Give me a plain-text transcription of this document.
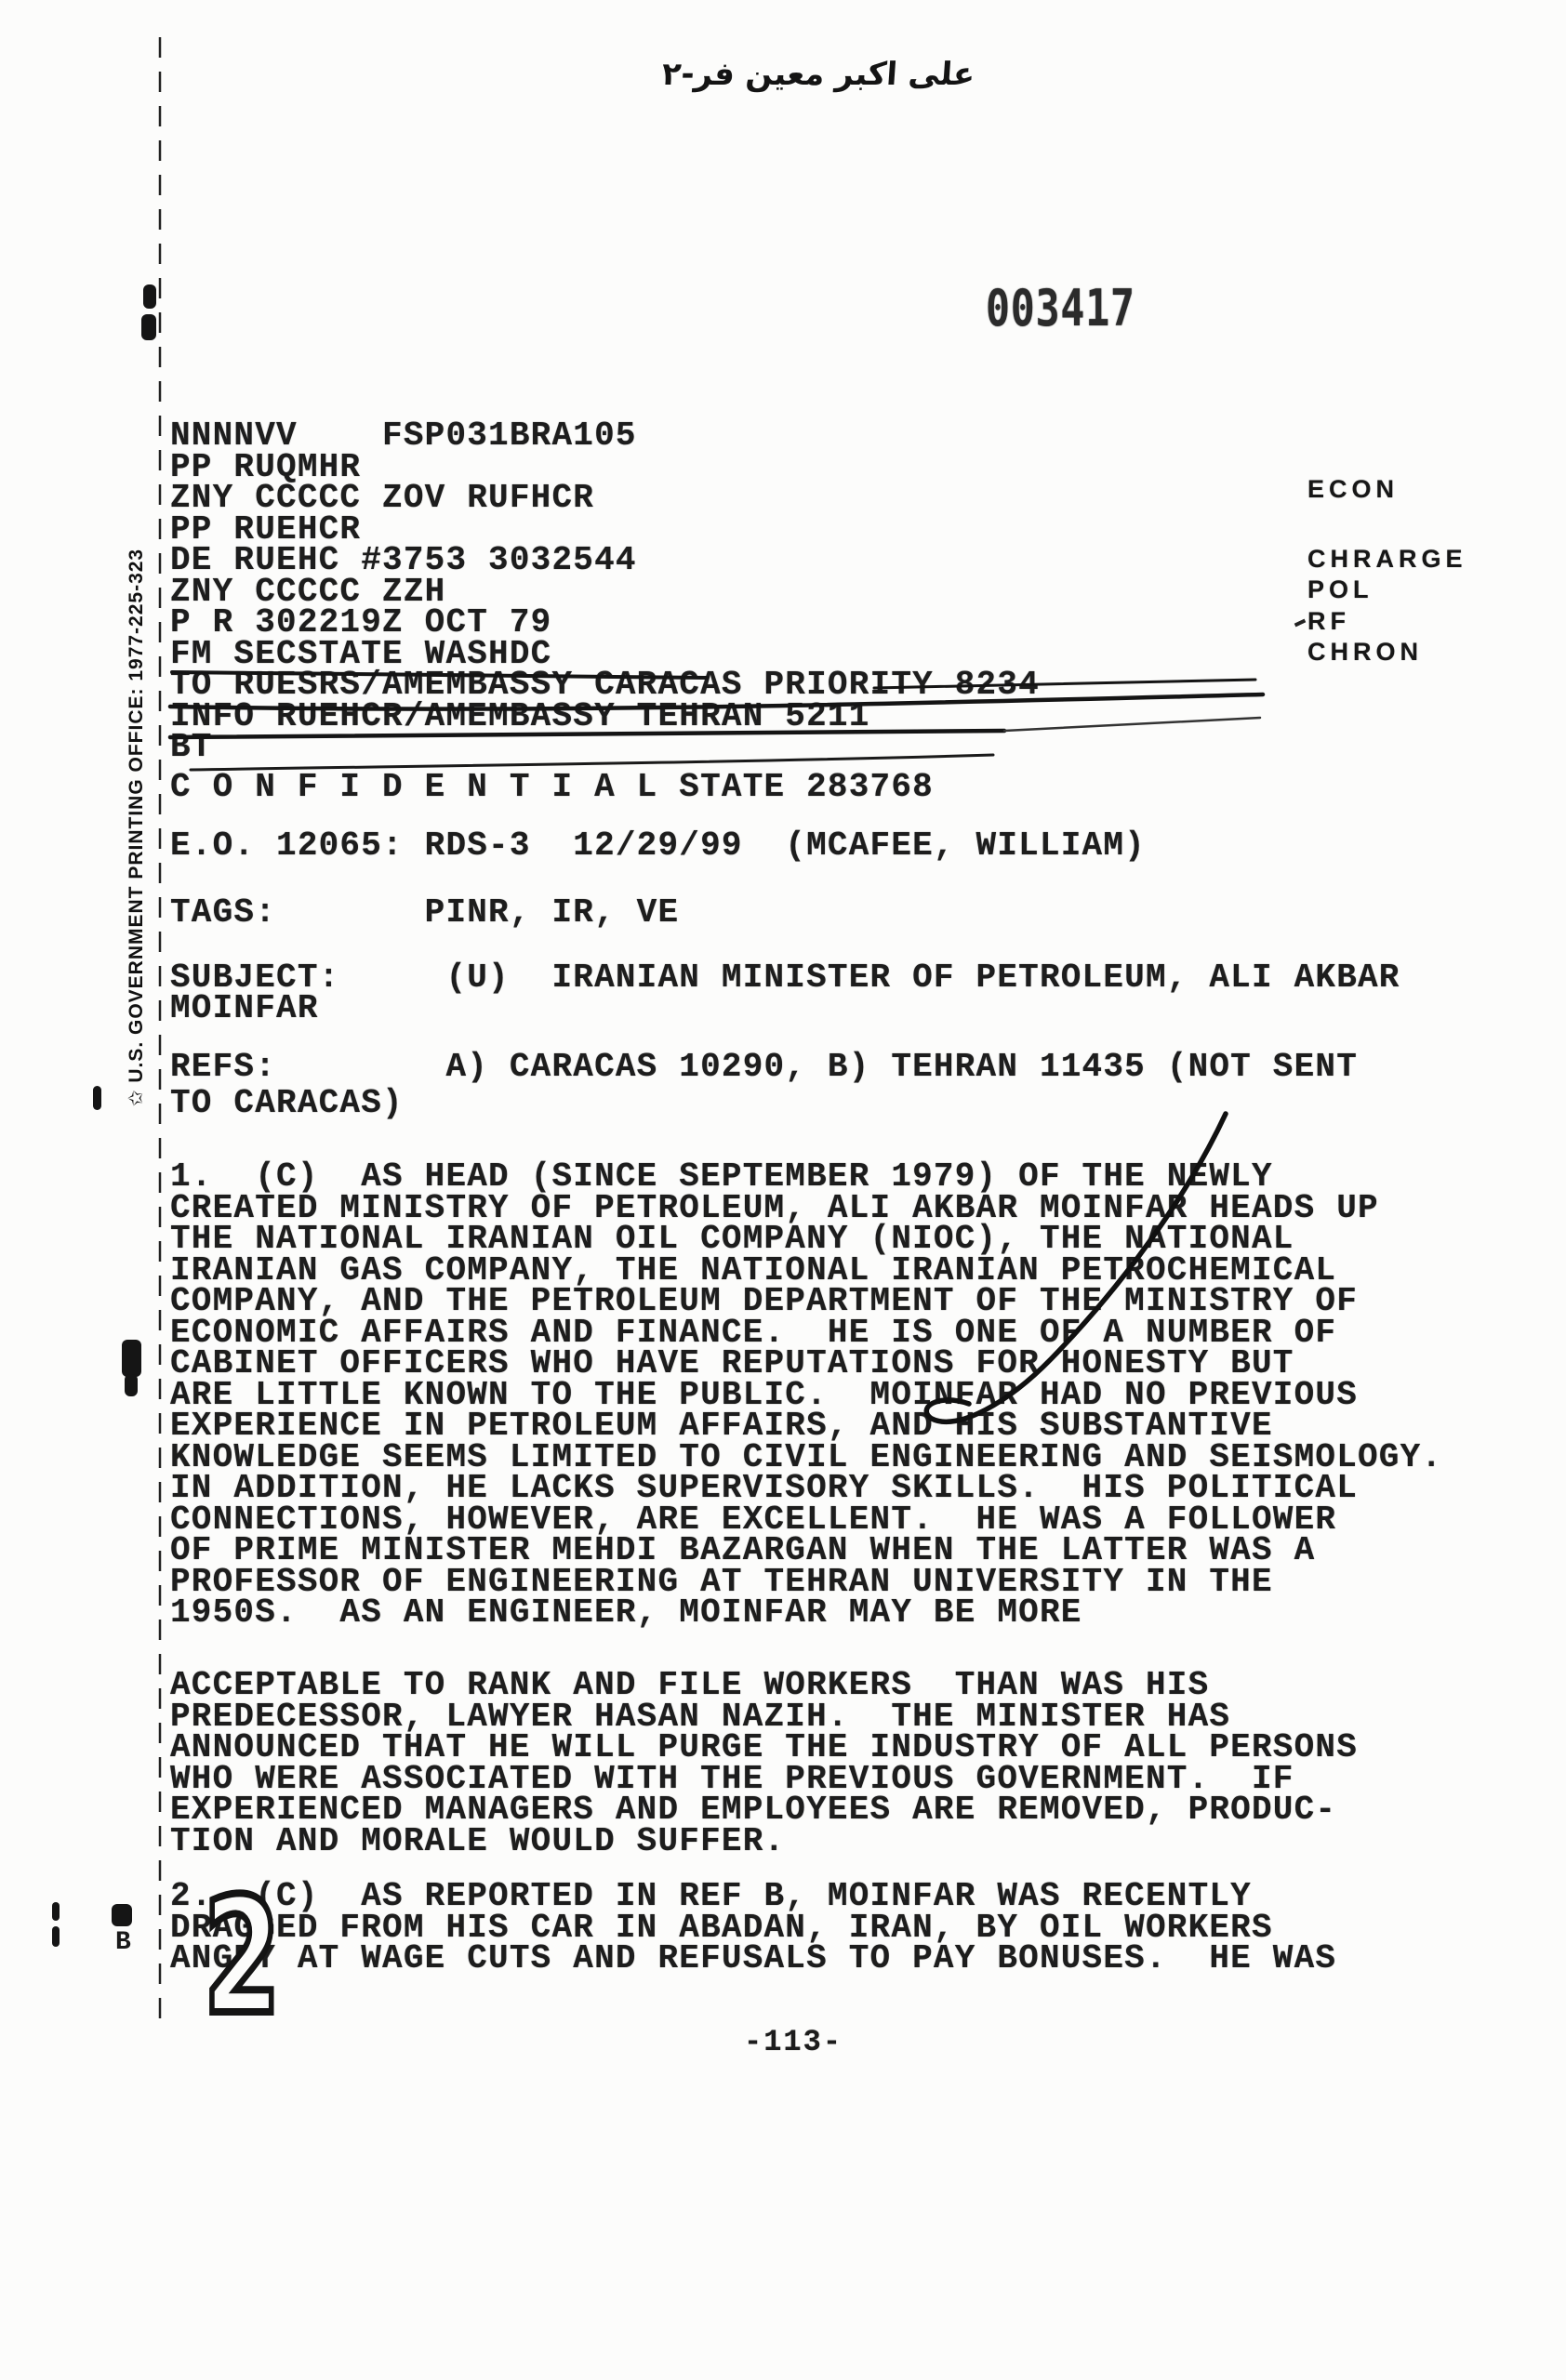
علی اکبر معین فر-۲
003417
✩ U.S. GOVERNMENT PRINTING OFFICE: 1977-225-323
NNNNVV    FSP031BRA105
PP RUQMHR
ZNY CCCCC ZOV RUFHCR
PP RUEHCR
DE RUEHC #3753 3032544
ZNY CCCCC ZZH
P R 302219Z OCT 79
FM SECSTATE WASHDC
TO RUESRS/AMEMBASSY CARACAS PRIORITY 8234
INFO RUEHCR/AMEMBASSY TEHRAN 5211
BT
C O N F I D E N T I A L STATE 283768
E.O. 12065: RDS-3  12/29/99  (MCAFEE, WILLIAM)
TAGS:       PINR, IR, VE
SUBJECT:     (U)  IRANIAN MINISTER OF PETROLEUM, ALI AKBAR
MOINFAR
REFS:        A) CARACAS 10290, B) TEHRAN 11435 (NOT SENT
TO CARACAS)
1.  (C)  AS HEAD (SINCE SEPTEMBER 1979) OF THE NEWLY
CREATED MINISTRY OF PETROLEUM, ALI AKBAR MOINFAR HEADS UP
THE NATIONAL IRANIAN OIL COMPANY (NIOC), THE NATIONAL
IRANIAN GAS COMPANY, THE NATIONAL IRANIAN PETROCHEMICAL
COMPANY, AND THE PETROLEUM DEPARTMENT OF THE MINISTRY OF
ECONOMIC AFFAIRS AND FINANCE.  HE IS ONE OF A NUMBER OF
CABINET OFFICERS WHO HAVE REPUTATIONS FOR HONESTY BUT
ARE LITTLE KNOWN TO THE PUBLIC.  MOINFAR HAD NO PREVIOUS
EXPERIENCE IN PETROLEUM AFFAIRS, AND HIS SUBSTANTIVE
KNOWLEDGE SEEMS LIMITED TO CIVIL ENGINEERING AND SEISMOLOGY.
IN ADDITION, HE LACKS SUPERVISORY SKILLS.  HIS POLITICAL
CONNECTIONS, HOWEVER, ARE EXCELLENT.  HE WAS A FOLLOWER
OF PRIME MINISTER MEHDI BAZARGAN WHEN THE LATTER WAS A
PROFESSOR OF ENGINEERING AT TEHRAN UNIVERSITY IN THE
1950S.  AS AN ENGINEER, MOINFAR MAY BE MORE
ACCEPTABLE TO RANK AND FILE WORKERS  THAN WAS HIS
PREDECESSOR, LAWYER HASAN NAZIH.  THE MINISTER HAS
ANNOUNCED THAT HE WILL PURGE THE INDUSTRY OF ALL PERSONS
WHO WERE ASSOCIATED WITH THE PREVIOUS GOVERNMENT.  IF
EXPERIENCED MANAGERS AND EMPLOYEES ARE REMOVED, PRODUC-
TION AND MORALE WOULD SUFFER.
2.  (C)  AS REPORTED IN REF B, MOINFAR WAS RECENTLY
DRAGGED FROM HIS CAR IN ABADAN, IRAN, BY OIL WORKERS
ANGRY AT WAGE CUTS AND REFUSALS TO PAY BONUSES.  HE WAS
ECON
CHRARGE
POL
RF
CHRON
-113-
B 2
